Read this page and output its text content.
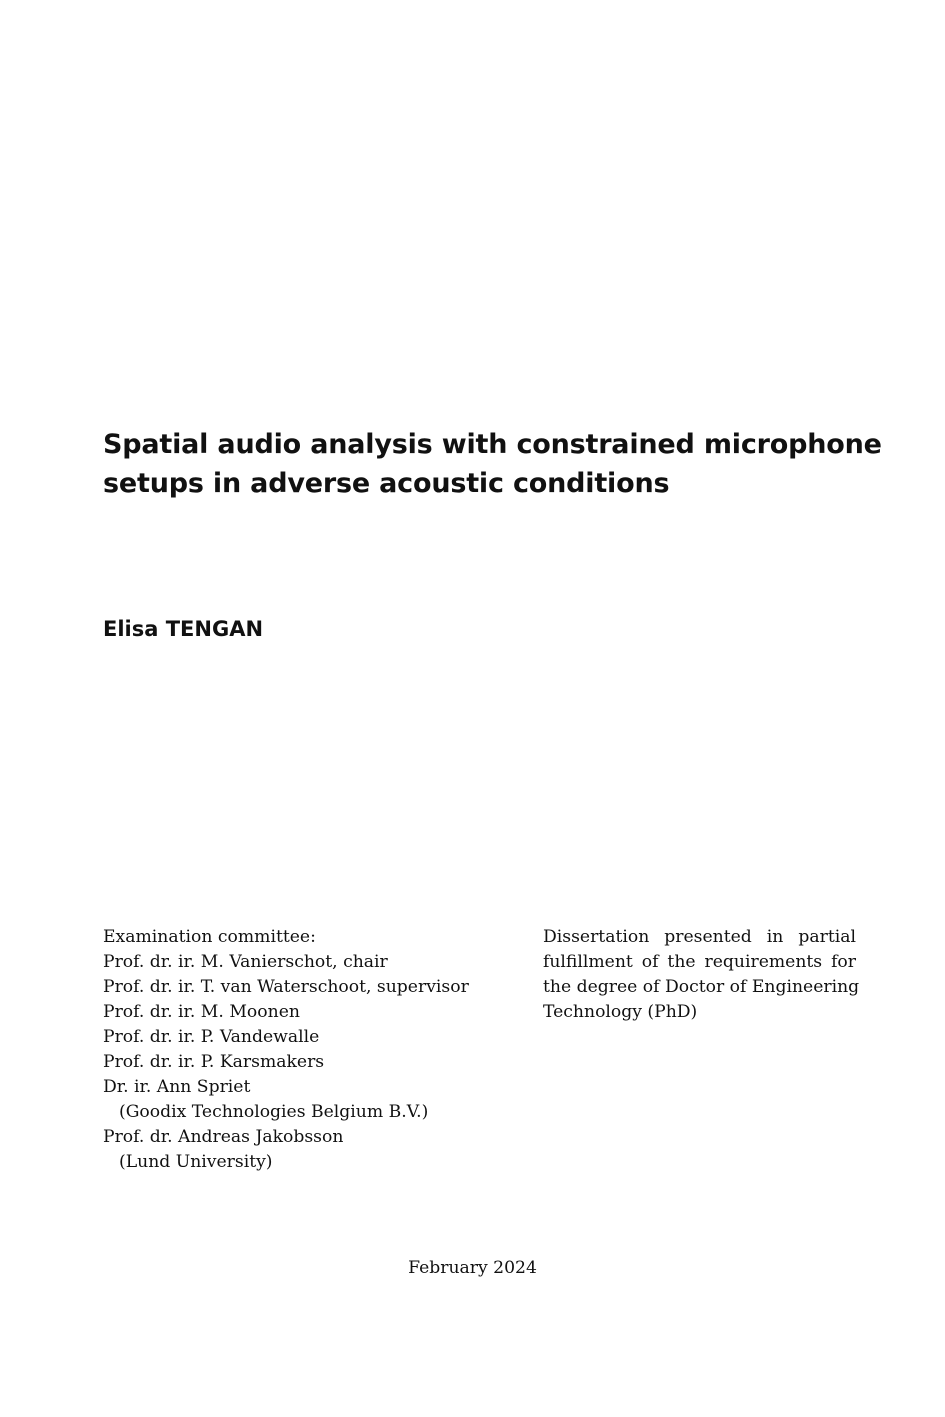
Spatial audio analysis with constrained microphone
setups in adverse acoustic conditions

Elisa TENGAN

Examination committee:
Prof. dr. ir. M. Vanierschot, chair
Prof. dr. ir. T. van Waterschoot, supervisor
Prof. dr. ir. M. Moonen
Prof. dr. ir. P. Vandewalle
Prof. dr. ir. P. Karsmakers
Dr. ir. Ann Spriet
(Goodix Technologies Belgium B.V.)
Prof. dr. Andreas Jakobsson
(Lund University)

Dissertation presented in partial
fulfillment of the requirements for
the degree of Doctor of Engineering
Technology (PhD)

February 2024
